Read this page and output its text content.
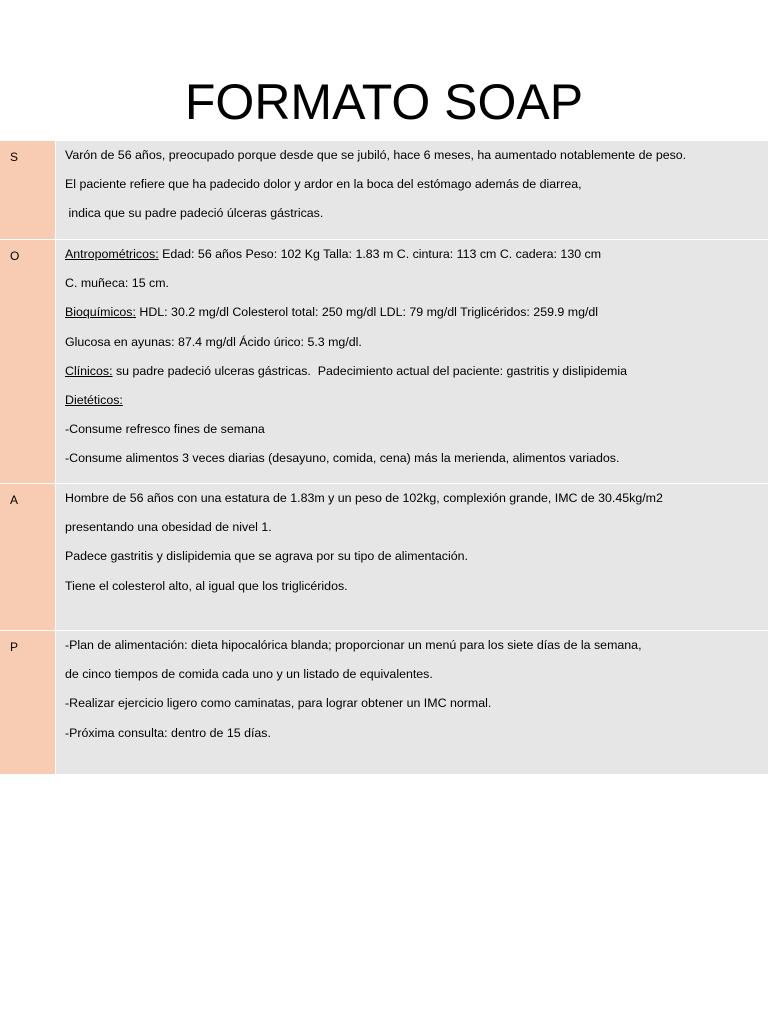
FORMATO SOAP
S	Varón de 56 años, preocupado porque desde que se jubiló, hace 6 meses, ha aumentado notablemente de peso.
El paciente refiere que ha padecido dolor y ardor en la boca del estómago además de diarrea,
indica que su padre padeció úlceras gástricas.
O	Antropométricos: Edad: 56 años Peso: 102 Kg Talla: 1.83 m C. cintura: 113 cm C. cadera: 130 cm
C. muñeca: 15 cm.
Bioquímicos: HDL: 30.2 mg/dl Colesterol total: 250 mg/dl LDL: 79 mg/dl Triglicéridos: 259.9 mg/dl
Glucosa en ayunas: 87.4 mg/dl Ácido úrico: 5.3 mg/dl.
Clínicos: su padre padeció ulceras gástricas.  Padecimiento actual del paciente: gastritis y dislipidemia
Dietéticos:
-Consume refresco fines de semana
-Consume alimentos 3 veces diarias (desayuno, comida, cena) más la merienda, alimentos variados.
A	Hombre de 56 años con una estatura de 1.83m y un peso de 102kg, complexión grande, IMC de 30.45kg/m2
presentando una obesidad de nivel 1.
Padece gastritis y dislipidemia que se agrava por su tipo de alimentación.
Tiene el colesterol alto, al igual que los triglicéridos.
P	-Plan de alimentación: dieta hipocalórica blanda; proporcionar un menú para los siete días de la semana,
de cinco tiempos de comida cada uno y un listado de equivalentes.
-Realizar ejercicio ligero como caminatas, para lograr obtener un IMC normal.
-Próxima consulta: dentro de 15 días.
